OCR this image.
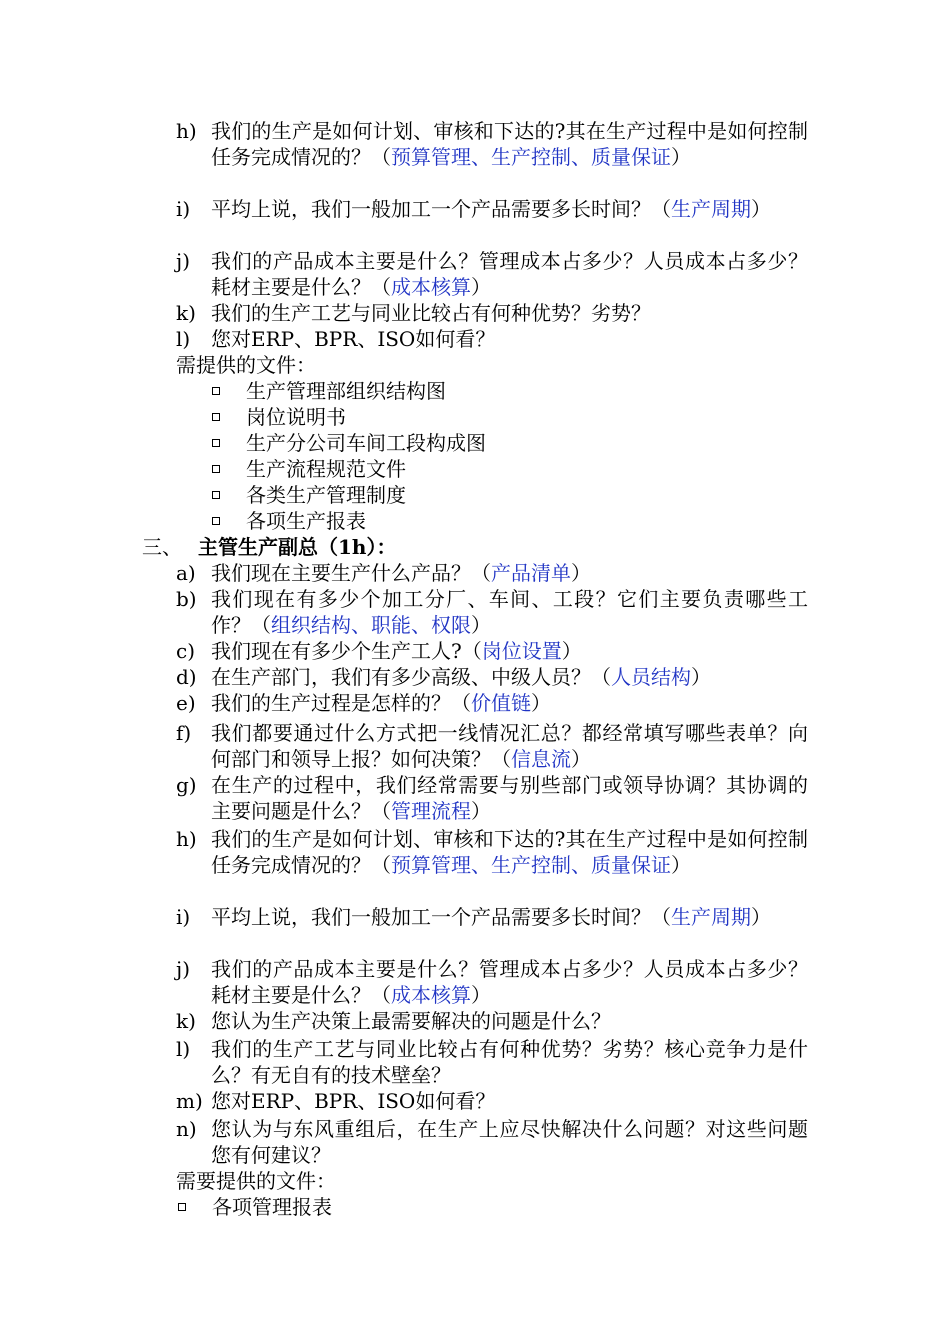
h) 我们的生产是如何计划、审核和下达的?其在生产过程中是如何控制任务完成情况的？（预算管理、生产控制、质量保证）
i)	平均上说，我们一般加工一个产品需要多长时间？（生产周期）
j)	我们的产品成本主要是什么？管理成本占多少？人员成本占多少？耗材主要是什么？（成本核算）
k) 我们的生产工艺与同业比较占有何种优势？劣势？
l)	您对ERP、BPR、ISO如何看？
需提供的文件：
生产管理部组织结构图
岗位说明书
生产分公司车间工段构成图
生产流程规范文件
各类生产管理制度
各项生产报表
三、 主管生产副总（1h）：
a) 我们现在主要生产什么产品？（产品清单）
b) 我们现在有多少个加工分厂、车间、工段？它们主要负责哪些工作？（组织结构、职能、权限）
c) 我们现在有多少个生产工人?（岗位设置）
d) 在生产部门，我们有多少高级、中级人员？（人员结构）
e) 我们的生产过程是怎样的？（价值链）
f) 我们都要通过什么方式把一线情况汇总？都经常填写哪些表单？向何部门和领导上报？如何决策？（信息流）
g) 在生产的过程中，我们经常需要与别些部门或领导协调？其协调的主要问题是什么？（管理流程）
h) 我们的生产是如何计划、审核和下达的?其在生产过程中是如何控制任务完成情况的？（预算管理、生产控制、质量保证）
i)	平均上说，我们一般加工一个产品需要多长时间？（生产周期）
j)	我们的产品成本主要是什么？管理成本占多少？人员成本占多少？耗材主要是什么？（成本核算）
k) 您认为生产决策上最需要解决的问题是什么？
l)	我们的生产工艺与同业比较占有何种优势？劣势？核心竞争力是什么？有无自有的技术壁垒？
m) 您对ERP、BPR、ISO如何看？
n) 您认为与东风重组后，在生产上应尽快解决什么问题？对这些问题您有何建议？
需要提供的文件：
各项管理报表
